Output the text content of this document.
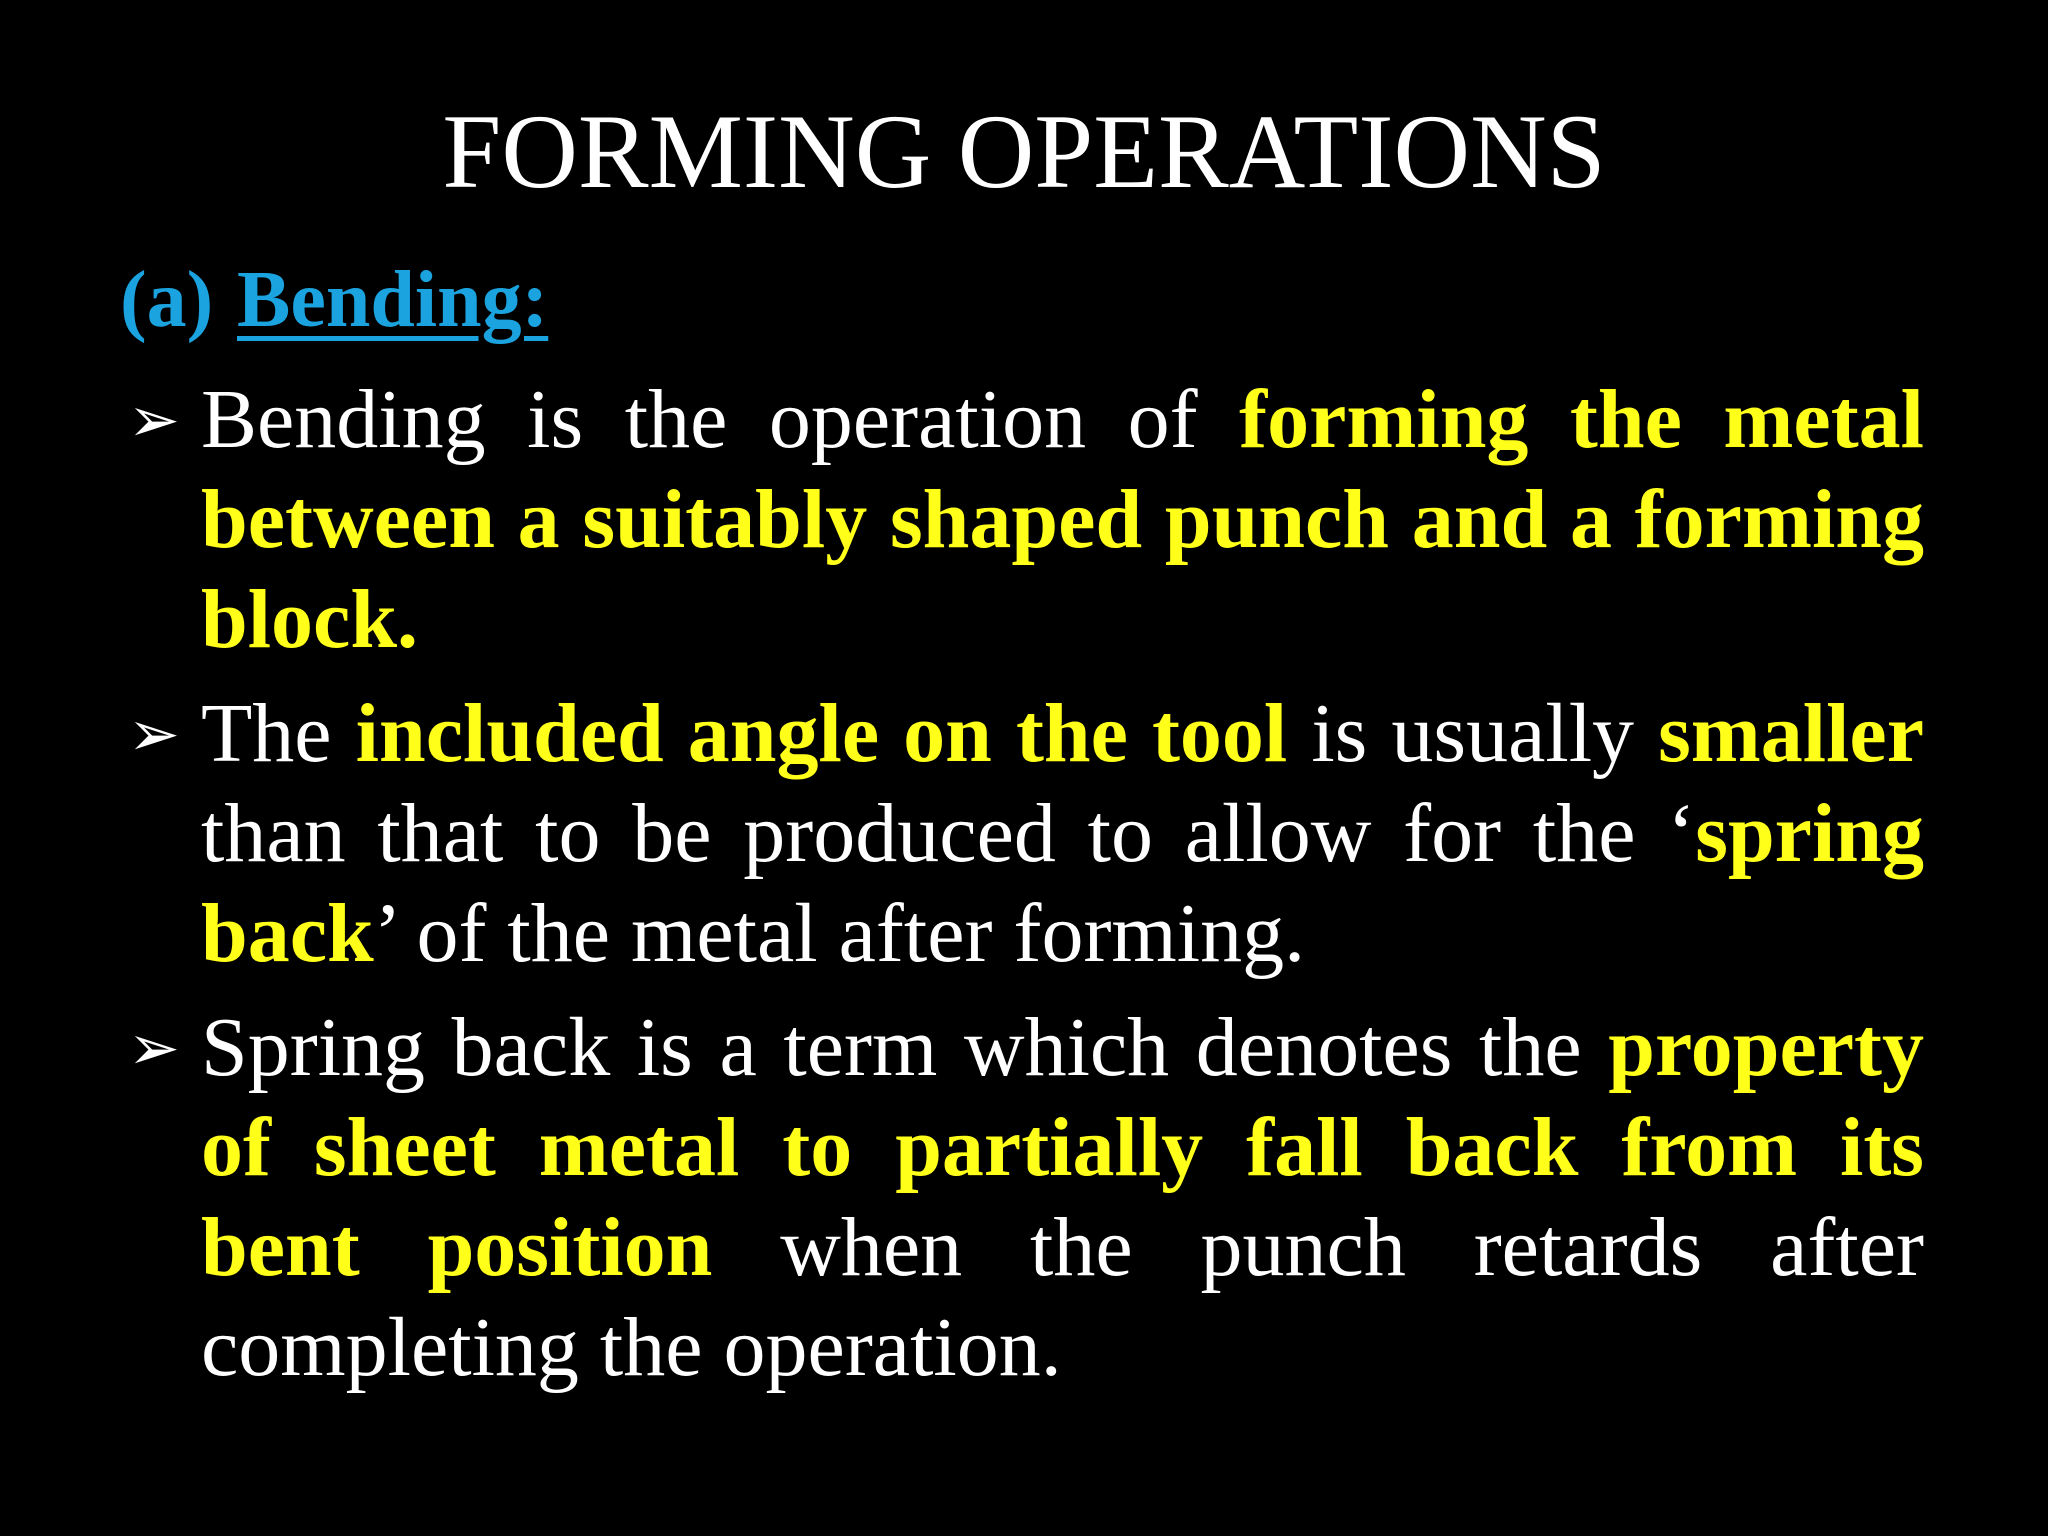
FORMING OPERATIONS
(a) Bending:
➢ Bending is the operation of forming the metal between a suitably shaped punch and a forming block.
➢ The included angle on the tool is usually smaller than that to be produced to allow for the ‘spring back’ of the metal after forming.
➢ Spring back is a term which denotes the property of sheet metal to partially fall back from its bent position when the punch retards after completing the operation.
